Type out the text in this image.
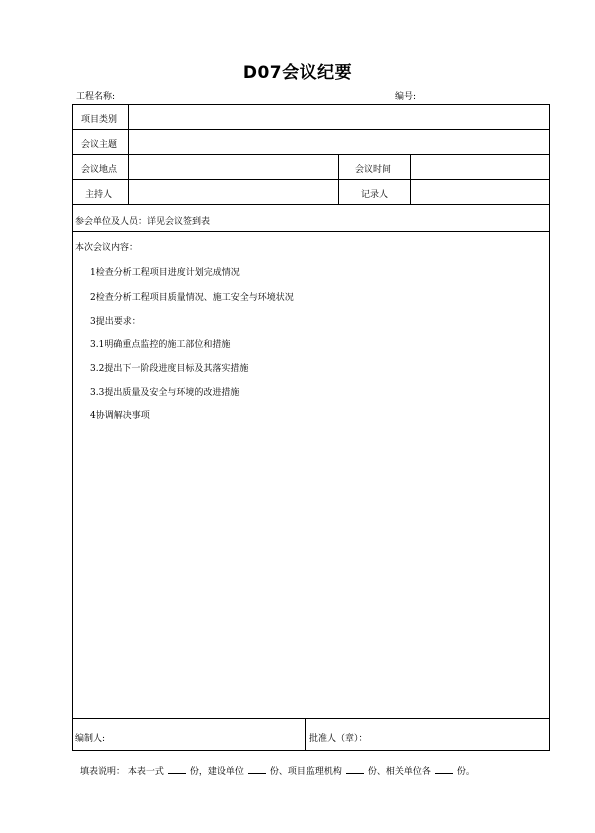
D07会议纪要
工程名称:	编号:
项目类别
会议主题
会议地点	会议时间
主持人	记录人
参会单位及人员：详见会议签到表
本次会议内容：
1检查分析工程项目进度计划完成情况
2检查分析工程项目质量情况、施工安全与环境状况
3提出要求：
3.1明确重点监控的施工部位和措施
3.2提出下一阶段进度目标及其落实措施
3.3提出质量及安全与环境的改进措施
4协调解决事项
编制人:	批准人（章）：
填表说明： 本表一式	份，建设单位	份、项目监理机构	份、相关单位各	份。
